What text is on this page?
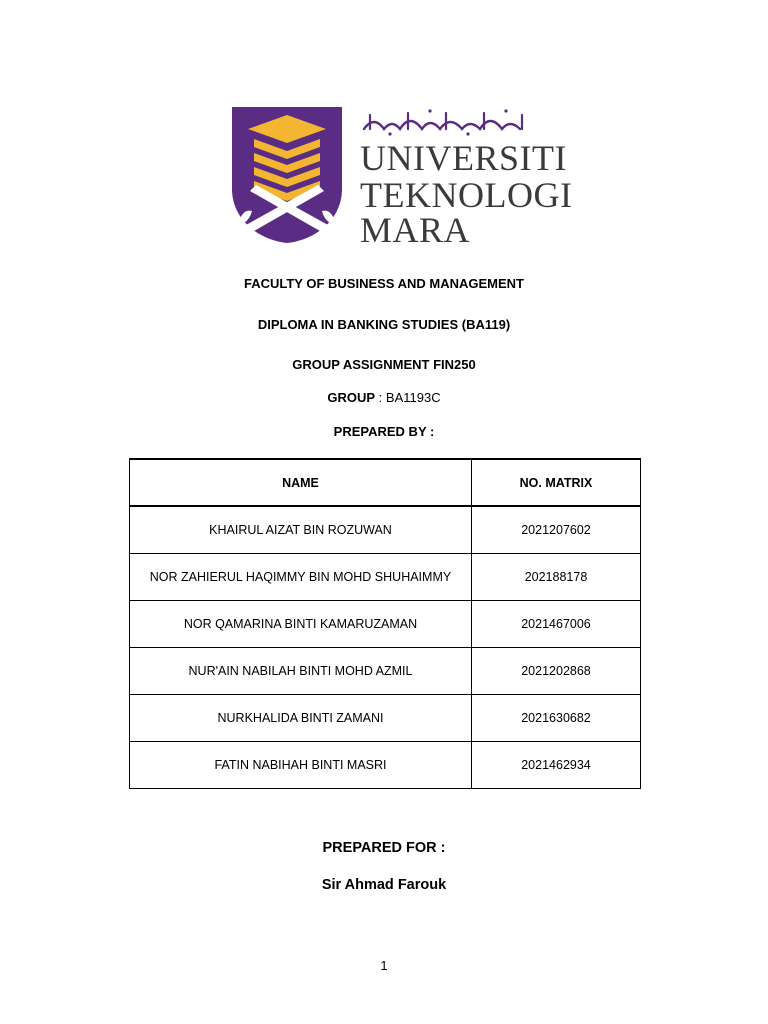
UNIVERSITI
TEKNOLOGI
MARA
FACULTY OF BUSINESS AND MANAGEMENT
DIPLOMA IN BANKING STUDIES (BA119)
GROUP ASSIGNMENT FIN250
GROUP : BA1193C
PREPARED BY :
NAME	NO. MATRIX
KHAIRUL AIZAT BIN ROZUWAN	2021207602
NOR ZAHIERUL HAQIMMY BIN MOHD SHUHAIMMY	202188178
NOR QAMARINA BINTI KAMARUZAMAN	2021467006
NUR'AIN NABILAH BINTI MOHD AZMIL	2021202868
NURKHALIDA BINTI ZAMANI	2021630682
FATIN NABIHAH BINTI MASRI	2021462934
PREPARED FOR :
Sir Ahmad Farouk
1
